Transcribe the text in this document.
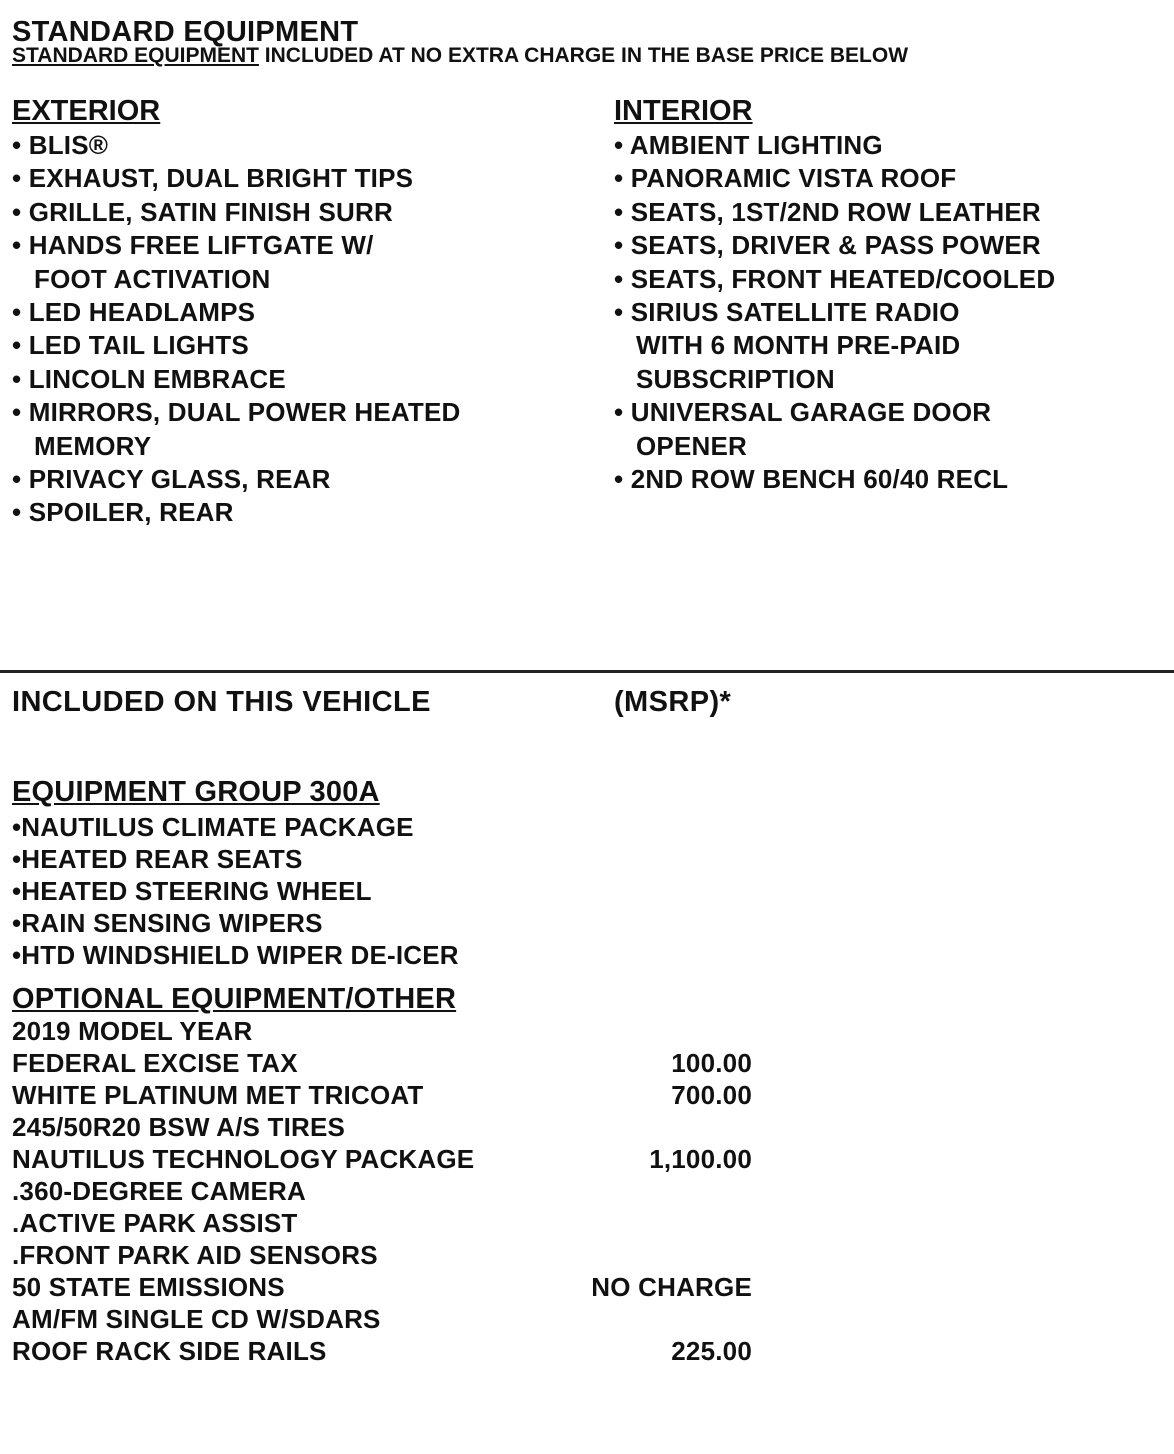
STANDARD EQUIPMENT
STANDARD EQUIPMENT INCLUDED AT NO EXTRA CHARGE IN THE BASE PRICE BELOW
EXTERIOR
• BLIS®
• EXHAUST, DUAL BRIGHT TIPS
• GRILLE, SATIN FINISH SURR
• HANDS FREE LIFTGATE W/
FOOT ACTIVATION
• LED HEADLAMPS
• LED TAIL LIGHTS
• LINCOLN EMBRACE
• MIRRORS, DUAL POWER HEATED
MEMORY
• PRIVACY GLASS, REAR
• SPOILER, REAR
INTERIOR
• AMBIENT LIGHTING
• PANORAMIC VISTA ROOF
• SEATS, 1ST/2ND ROW LEATHER
• SEATS, DRIVER & PASS POWER
• SEATS, FRONT HEATED/COOLED
• SIRIUS SATELLITE RADIO
WITH 6 MONTH PRE-PAID
SUBSCRIPTION
• UNIVERSAL GARAGE DOOR
OPENER
• 2ND ROW BENCH 60/40 RECL
INCLUDED ON THIS VEHICLE	(MSRP)*
EQUIPMENT GROUP 300A
•NAUTILUS CLIMATE PACKAGE
•HEATED REAR SEATS
•HEATED STEERING WHEEL
•RAIN SENSING WIPERS
•HTD WINDSHIELD WIPER DE-ICER
OPTIONAL EQUIPMENT/OTHER
2019 MODEL YEAR
FEDERAL EXCISE TAX	100.00
WHITE PLATINUM MET TRICOAT	700.00
245/50R20 BSW A/S TIRES
NAUTILUS TECHNOLOGY PACKAGE	1,100.00
.360-DEGREE CAMERA
.ACTIVE PARK ASSIST
.FRONT PARK AID SENSORS
50 STATE EMISSIONS	NO CHARGE
AM/FM SINGLE CD W/SDARS
ROOF RACK SIDE RAILS	225.00
